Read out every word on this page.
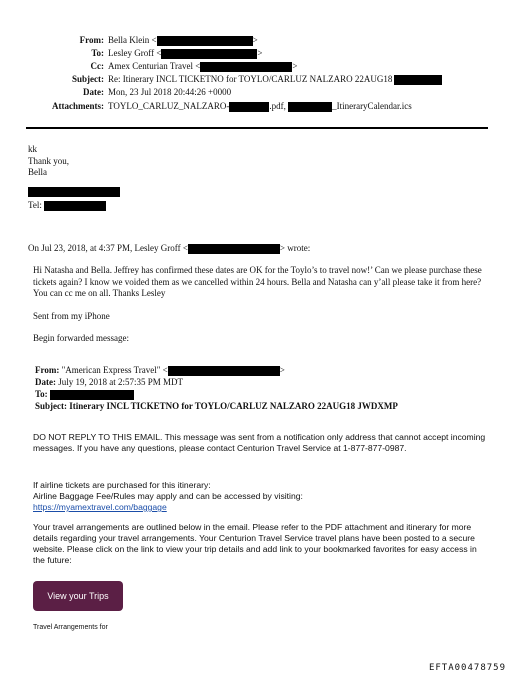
From: Bella Klein <	>
To: Lesley Groff <	>
Cc: Amex Centurian Travel <	>
Subject: Re: Itinerary INCL TICKETNO for TOYLO/CARLUZ NALZARO 22AUG18
Date: Mon, 23 Jul 2018 20:44:26 +0000
Attachments: TOYLO_CARLUZ_NALZARO-	.pdf,	_ItineraryCalendar.ics
kk
Thank you,
Bella
Tel:
On Jul 23, 2018, at 4:37 PM, Lesley Groff <	> wrote:
Hi Natasha and Bella. Jeffrey has confirmed these dates are OK for the Toylo’s to travel now!’ Can we please purchase these tickets again? I know we voided them as we cancelled within 24 hours. Bella and Natasha can y’all please take it from here? You can cc me on all. Thanks Lesley
Sent from my iPhone
Begin forwarded message:
From: "American Express Travel" <	>
Date: July 19, 2018 at 2:57:35 PM MDT
To:
Subject: Itinerary INCL TICKETNO for TOYLO/CARLUZ NALZARO 22AUG18 JWDXMP
DO NOT REPLY TO THIS EMAIL. This message was sent from a notification only address that cannot accept incoming messages. If you have any questions, please contact Centurion Travel Service at 1-877-877-0987.
If airline tickets are purchased for this itinerary:
Airline Baggage Fee/Rules may apply and can be accessed by visiting:
https://myamextravel.com/baggage
Your travel arrangements are outlined below in the email. Please refer to the PDF attachment and itinerary for more details regarding your travel arrangements. Your Centurion Travel Service travel plans have been posted to a secure website. Please click on the link to view your trip details and add link to your bookmarked favorites for easy access in the future:
View your Trips
Travel Arrangements for
EFTA00478759
